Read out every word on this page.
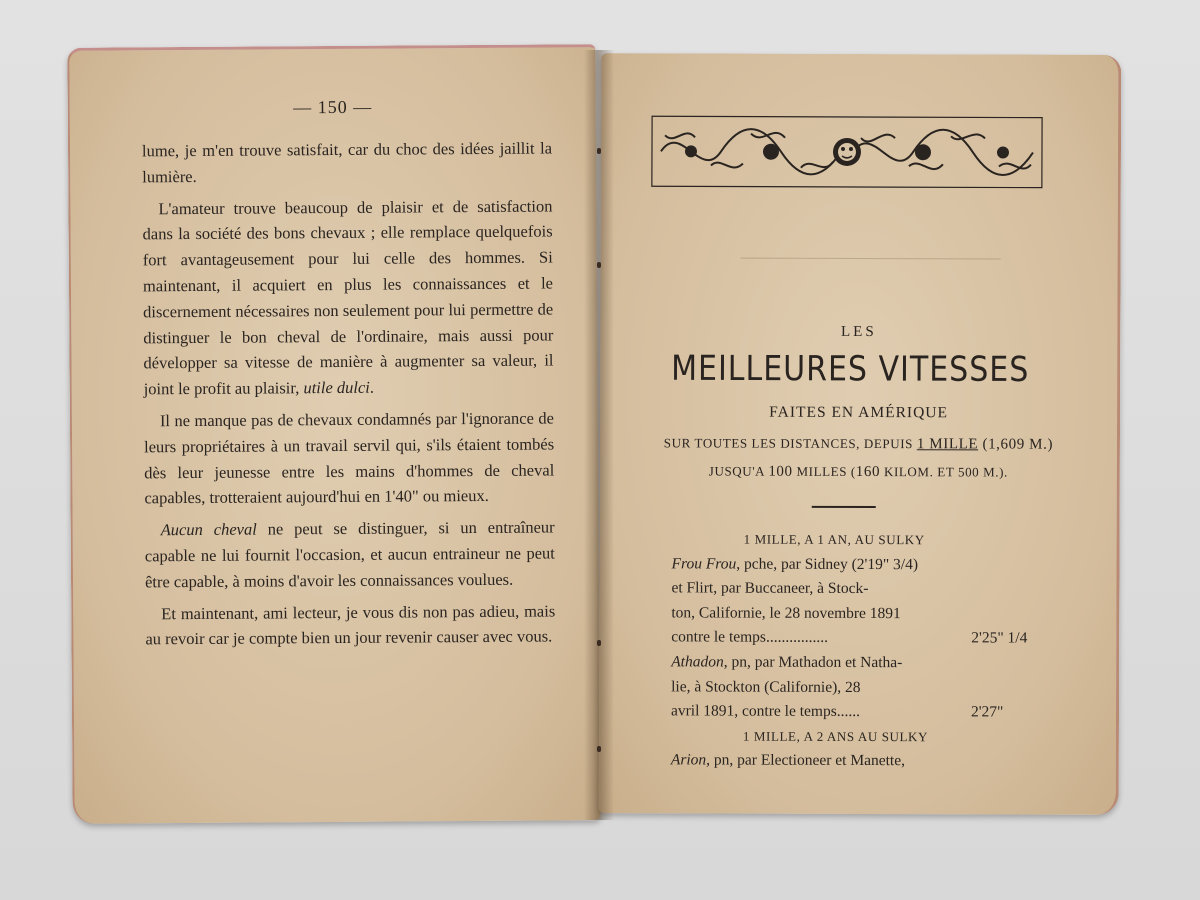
— 150 —

lume, je m'en trouve satisfait, car du choc des idées jaillit la lumière.

L'amateur trouve beaucoup de plaisir et de satisfaction dans la société des bons chevaux ; elle remplace quelquefois fort avantageusement pour lui celle des hommes. Si maintenant, il acquiert en plus les connaissances et le discernement nécessaires non seulement pour lui permettre de distinguer le bon cheval de l'ordinaire, mais aussi pour développer sa vitesse de manière à augmenter sa valeur, il joint le profit au plaisir, utile dulci.

Il ne manque pas de chevaux condamnés par l'ignorance de leurs propriétaires à un travail servil qui, s'ils étaient tombés dès leur jeunesse entre les mains d'hommes de cheval capables, trotteraient aujourd'hui en 1'40" ou mieux.

Aucun cheval ne peut se distinguer, si un entraîneur capable ne lui fournit l'occasion, et aucun entraineur ne peut être capable, à moins d'avoir les connaissances voulues.

Et maintenant, ami lecteur, je vous dis non pas adieu, mais au revoir car je compte bien un jour revenir causer avec vous.

LES
MEILLEURES VITESSES
FAITES EN AMÉRIQUE
SUR TOUTES LES DISTANCES, DEPUIS 1 MILLE (1,609 M.)
JUSQU'A 100 MILLES (160 KILOM. ET 500 M.).
1 MILLE, A 1 AN, AU SULKY
Frou Frou, pche, par Sidney (2'19" 3/4)
et Flirt, par Buccaneer, à Stock-
ton, Californie, le 28 novembre 1891
contre le temps................	2'25" 1/4
Athadon, pn, par Mathadon et Natha-
lie, à Stockton (Californie), 28
avril 1891, contre le temps......	2'27"
1 MILLE, A 2 ANS AU SULKY
Arion, pn, par Electioneer et Manette,
